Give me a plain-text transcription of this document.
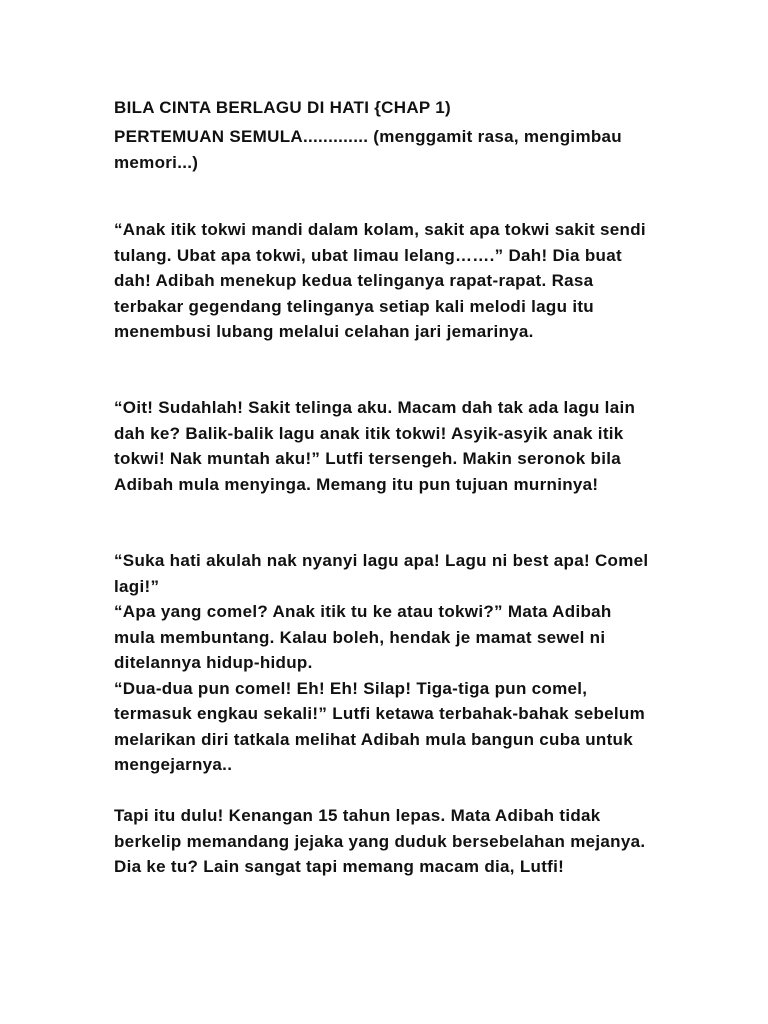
BILA CINTA BERLAGU DI HATI {CHAP 1)

PERTEMUAN SEMULA............. (menggamit rasa, mengimbau memori...)

“Anak itik tokwi mandi dalam kolam, sakit apa tokwi sakit sendi tulang. Ubat apa tokwi, ubat limau lelang…….” Dah! Dia buat dah! Adibah menekup kedua telinganya rapat-rapat. Rasa terbakar gegendang telinganya setiap kali melodi lagu itu menembusi lubang melalui celahan jari jemarinya.

“Oit! Sudahlah! Sakit telinga aku. Macam dah tak ada lagu lain dah ke? Balik-balik lagu anak itik tokwi! Asyik-asyik anak itik tokwi! Nak muntah aku!” Lutfi tersengeh. Makin seronok bila Adibah mula menyinga. Memang itu pun tujuan murninya!

“Suka hati akulah nak nyanyi lagu apa! Lagu ni best apa! Comel lagi!”

“Apa yang comel? Anak itik tu ke atau tokwi?” Mata Adibah mula membuntang. Kalau boleh, hendak je mamat sewel ni ditelannya hidup-hidup.

“Dua-dua pun comel! Eh! Eh! Silap! Tiga-tiga pun comel, termasuk engkau sekali!” Lutfi ketawa terbahak-bahak sebelum melarikan diri tatkala melihat Adibah mula bangun cuba untuk mengejarnya..

Tapi itu dulu! Kenangan 15 tahun lepas. Mata Adibah tidak berkelip memandang jejaka yang duduk bersebelahan mejanya. Dia ke tu? Lain sangat tapi memang macam dia, Lutfi!
